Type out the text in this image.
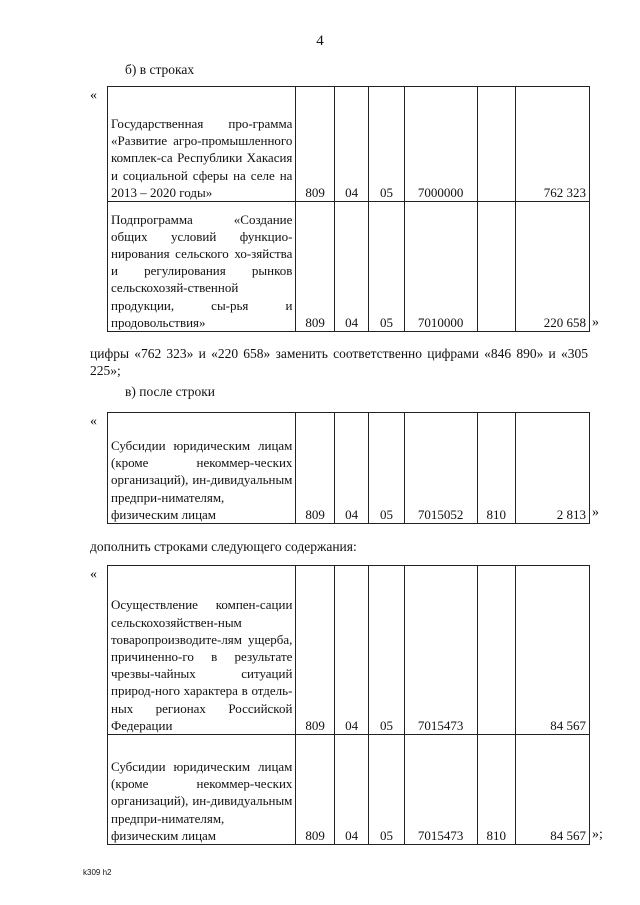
4
б) в строках
«
Государственная про-грамма «Развитие агро-промышленного комплек-са Республики Хакасия и социальной сферы на селе на 2013 – 2020 годы»	809	04	05	7000000		762 323

Подпрограмма «Создание общих условий функцио-нирования сельского хо-зяйства и регулирования рынков сельскохозяй-ственной продукции, сы-рья и продовольствия»	809	04	05	7010000		220 658 »
цифры «762 323» и «220 658» заменить соответственно цифрами «846 890» и «305 225»;
в) после строки
«
Субсидии юридическим лицам (кроме некоммер-ческих организаций), ин-дивидуальным предпри-нимателям, физическим лицам	809	04	05	7015052	810	2 813 »
дополнить строками следующего содержания:
«
Осуществление компен-сации сельскохозяйствен-ным товаропроизводите-лям ущерба, причиненно-го в результате чрезвы-чайных ситуаций природ-ного характера в отдель-ных регионах Российской Федерации	809	04	05	7015473		84 567

Субсидии юридическим лицам (кроме некоммер-ческих организаций), ин-дивидуальным предпри-нимателям, физическим лицам	809	04	05	7015473	810	84 567 »;
k309 h2
